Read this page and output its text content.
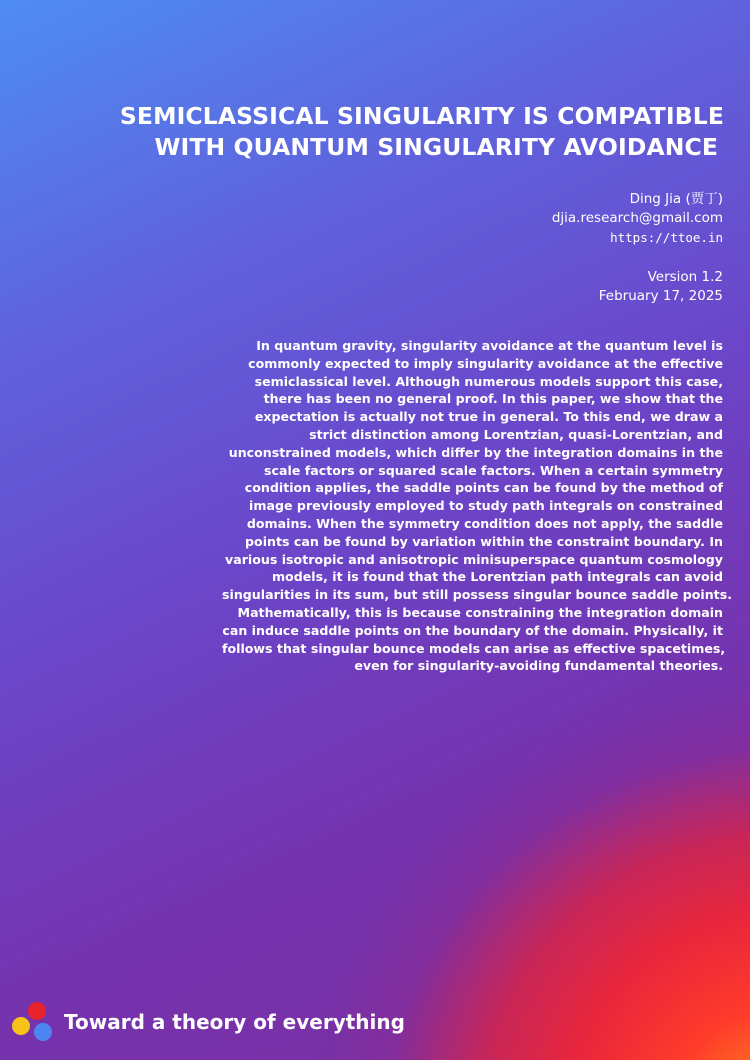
SEMICLASSICAL SINGULARITY IS COMPATIBLE
WITH QUANTUM SINGULARITY AVOIDANCE
Ding Jia (贾丁)
djia.research@gmail.com
https://ttoe.in
Version 1.2
February 17, 2025
In quantum gravity, singularity avoidance at the quantum level is
commonly expected to imply singularity avoidance at the effective
semiclassical level. Although numerous models support this case,
there has been no general proof. In this paper, we show that the
expectation is actually not true in general. To this end, we draw a
strict distinction among Lorentzian, quasi-Lorentzian, and
unconstrained models, which differ by the integration domains in the
scale factors or squared scale factors. When a certain symmetry
condition applies, the saddle points can be found by the method of
image previously employed to study path integrals on constrained
domains. When the symmetry condition does not apply, the saddle
points can be found by variation within the constraint boundary. In
various isotropic and anisotropic minisuperspace quantum cosmology
models, it is found that the Lorentzian path integrals can avoid
singularities in its sum, but still possess singular bounce saddle points.
Mathematically, this is because constraining the integration domain
can induce saddle points on the boundary of the domain. Physically, it
follows that singular bounce models can arise as effective spacetimes,
even for singularity-avoiding fundamental theories.
Toward a theory of everything
